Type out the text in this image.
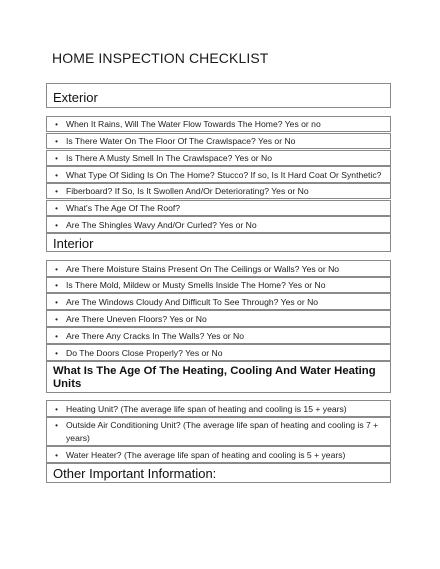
HOME INSPECTION CHECKLIST
Exterior
• When It Rains, Will The Water Flow Towards The Home? Yes or no
• Is There Water On The Floor Of The Crawlspace? Yes or No
• Is There A Musty Smell In The Crawlspace? Yes or No
• What Type Of Siding Is On The Home? Stucco? If so, Is It Hard Coat Or Synthetic?
• Fiberboard? If So, Is It Swollen And/Or Deteriorating? Yes or No
• What's The Age Of The Roof?
• Are The Shingles Wavy And/Or Curled? Yes or No
Interior
• Are There Moisture Stains Present On The Ceilings or Walls? Yes or No
• Is There Mold, Mildew or Musty Smells Inside The Home? Yes or No
• Are The Windows Cloudy And Difficult To See Through? Yes or No
• Are There Uneven Floors? Yes or No
• Are There Any Cracks In The Walls? Yes or No
• Do The Doors Close Properly? Yes or No
What Is The Age Of The Heating, Cooling And Water Heating Units
• Heating Unit? (The average life span of heating and cooling is 15 + years)
• Outside Air Conditioning Unit? (The average life span of heating and cooling is 7 + years)
• Water Heater? (The average life span of heating and cooling is 5 + years)
Other Important Information:
